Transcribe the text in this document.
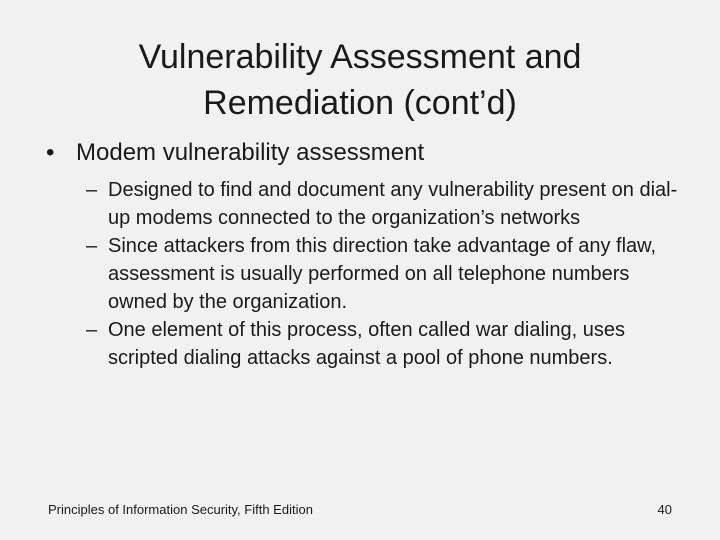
Vulnerability Assessment and
Remediation (cont’d)
• Modem vulnerability assessment
– Designed to find and document any vulnerability present on dial-up modems connected to the organization’s networks
– Since attackers from this direction take advantage of any flaw, assessment is usually performed on all telephone numbers owned by the organization.
– One element of this process, often called war dialing, uses scripted dialing attacks against a pool of phone numbers.
Principles of Information Security, Fifth Edition	40
